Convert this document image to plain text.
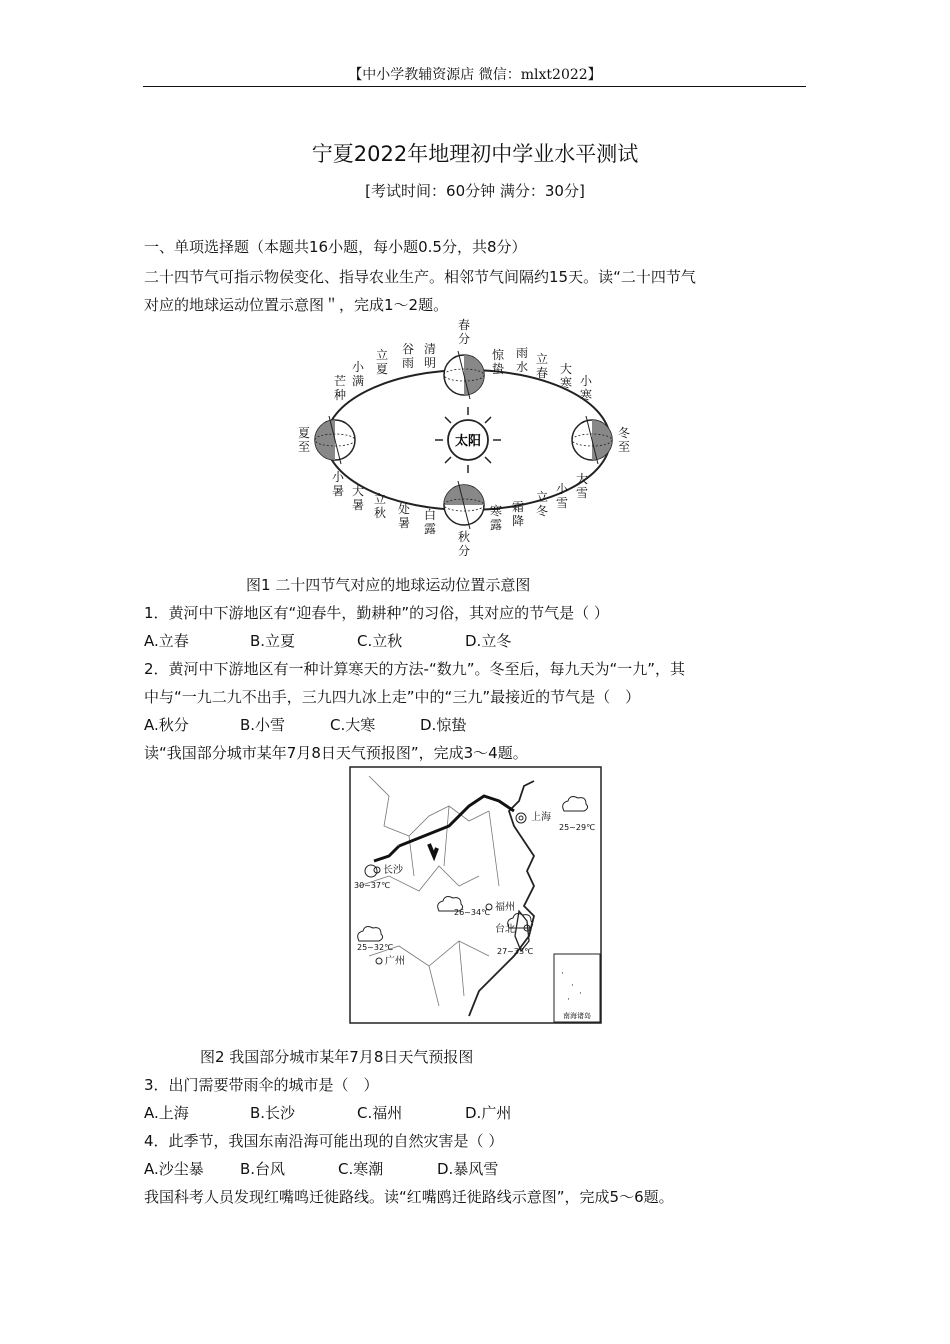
【中小学教辅资源店 微信：mlxt2022】
宁夏2022年地理初中学业水平测试
[考试时间：60分钟 满分：30分]
一、单项选择题（本题共16小题，每小题0.5分，共8分）
二十四节气可指示物侯变化、指导农业生产。相邻节气间隔约15天。读“二十四节气
对应的地球运动位置示意图＂，完成1～2题。
太阳
春分
惊蛰
雨水
立春 大寒 小寒
冬至
大雪
小雪
立冬
霜降
寒露
秋分
白露
处暑
立秋
大暑
小暑
夏至
芒种
小满
立夏
谷雨
清明
图1 二十四节气对应的地球运动位置示意图
1．黄河中下游地区有“迎春牛，勤耕种”的习俗，其对应的节气是（ ）
A.立春	B.立夏	C.立秋	D.立冬
2．黄河中下游地区有一种计算寒天的方法-“数九”。冬至后，每九天为“一九”，其
中与“一九二九不出手，三九四九冰上走”中的“三九”最接近的节气是（　）
A.秋分	B.小雪	C.大寒	D.惊蛰
读“我国部分城市某年7月8日天气预报图”，完成3～4题。
南海诸岛
·
·
·
·
上海
25~29℃
长沙
30~37℃
福州
26~34℃
台北
27~33℃
广州
25~32℃
图2 我国部分城市某年7月8日天气预报图
3．出门需要带雨伞的城市是（　）
A.上海	B.长沙	C.福州	D.广州
4．此季节，我国东南沿海可能出现的自然灾害是（ ）
A.沙尘暴 B.台风	C.寒潮	D.暴风雪
我国科考人员发现红嘴鸣迁徙路线。读“红嘴鸥迁徙路线示意图”，完成5～6题。
